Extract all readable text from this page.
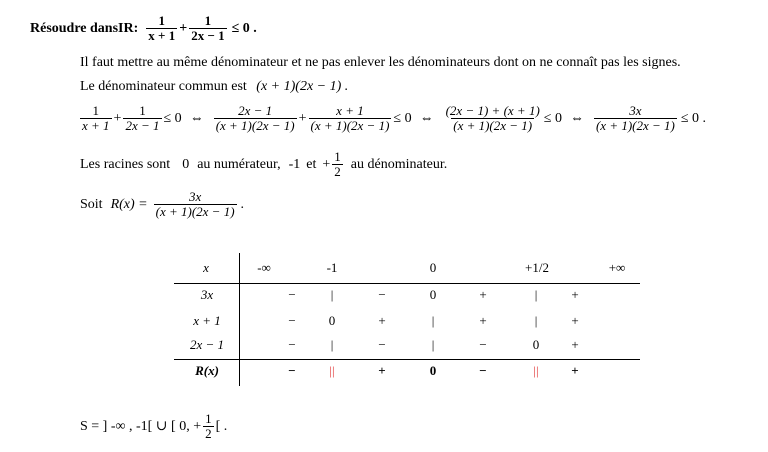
Résoudre dans IR : $\frac{1}{x + 1} + \frac{1}{2x - 1} \le 0$ .
Il faut mettre au même dénominateur et ne pas enlever les dénominateurs dont on ne connaît pas les signes.
Le dénominateur commun est (x + 1)(2x − 1) .
$\frac{1}{x + 1} + \frac{1}{2x - 1} \le 0$ ⇔ $\frac{2x - 1}{(x + 1)(2x - 1)} + \frac{x + 1}{(x + 1)(2x - 1)} \le 0$ ⇔ $\frac{(2x - 1) + (x + 1)}{(x + 1)(2x - 1)} \le 0$ ⇔ $\frac{3x}{(x + 1)(2x - 1)} \le 0$ .
Les racines sont 0 au numérateur, -1 et + $\frac{1}{2}$ au dénominateur.
Soit $R(x) = \frac{3x}{(x + 1)(2x - 1)}$ .
x	-∞	-1	0	+1/2	+∞
3x	−	|	−	0	+	|	+
x + 1	−	0	+	|	+	|	+
2x − 1	−	|	−	|	−	0	+
R(x)	−	||	+	0	−	||	+
S = ] -∞ , -1[ ∪ [ 0, + $\frac{1}{2}$ [ .
